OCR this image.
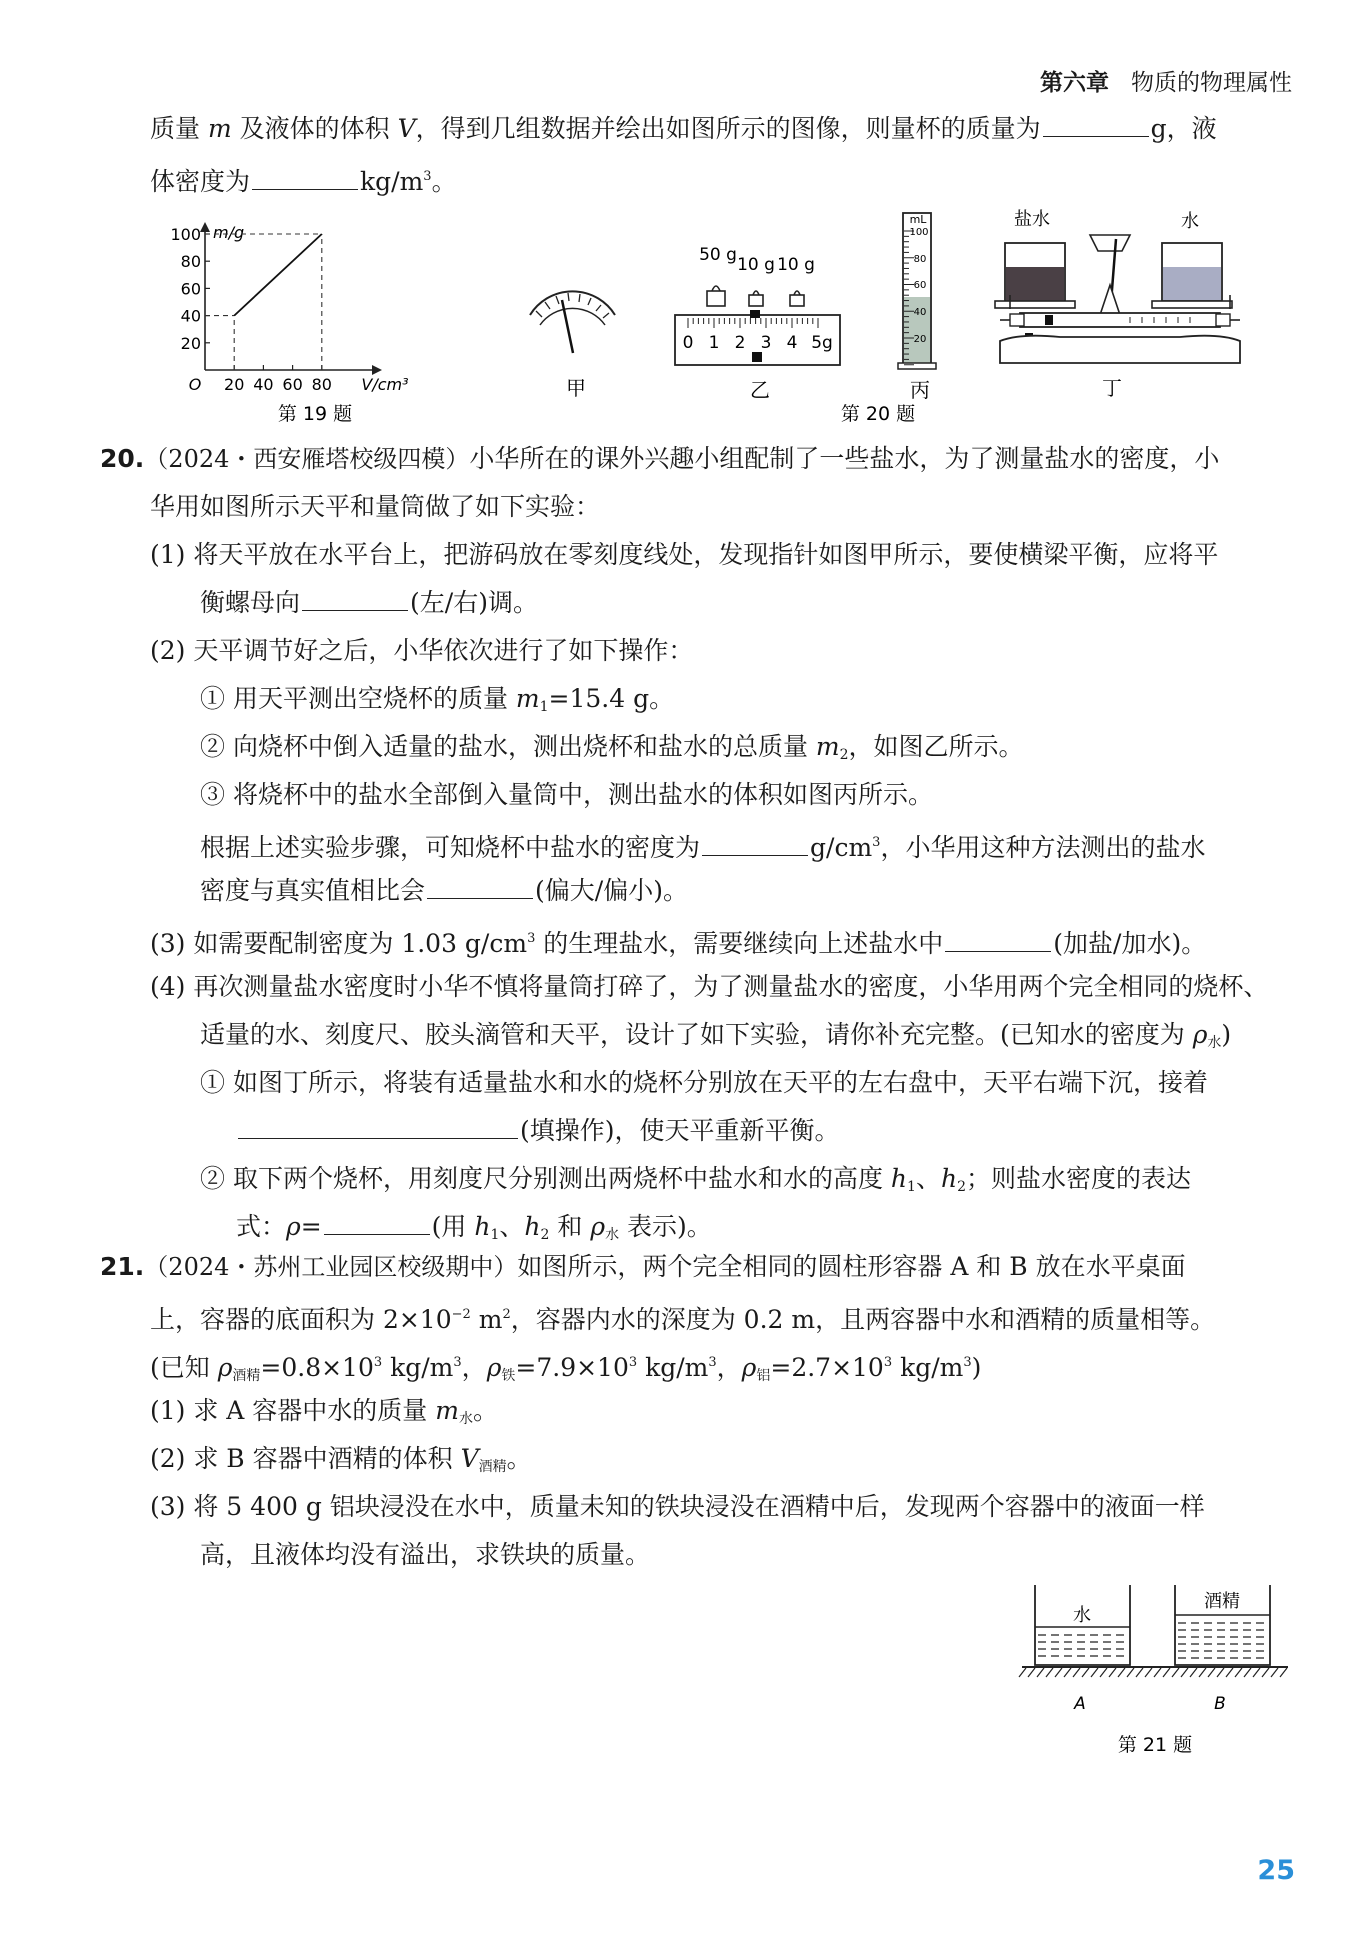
第六章 物质的物理属性
质量 m 及液体的体积 V，得到几组数据并绘出如图所示的图像，则量杯的质量为	g，液
体密度为	$kg/m^3$。
20
40
60
80
100
20 40 60 80
O
m/g
V/cm³
第 19 题
甲
50 g 10 g 10 g
0 1 2 3 4 5g
乙
mL
100
80
60
40
20
丙
盐水	水
丁
第 20 题
20.（2024・西安雁塔校级四模）小华所在的课外兴趣小组配制了一些盐水，为了测量盐水的密度，小
华用如图所示天平和量筒做了如下实验：
(1) 将天平放在水平台上，把游码放在零刻度线处，发现指针如图甲所示，要使横梁平衡，应将平
衡螺母向	(左/右)调。
(2) 天平调节好之后，小华依次进行了如下操作：
① 用天平测出空烧杯的质量 $m_1=15.4$ g。
② 向烧杯中倒入适量的盐水，测出烧杯和盐水的总质量 $m_2$，如图乙所示。
③ 将烧杯中的盐水全部倒入量筒中，测出盐水的体积如图丙所示。
根据上述实验步骤，可知烧杯中盐水的密度为	$g/cm^3$，小华用这种方法测出的盐水
密度与真实值相比会	(偏大/偏小)。
(3) 如需要配制密度为 1.03 $g/cm^3$ 的生理盐水，需要继续向上述盐水中	(加盐/加水)。
(4) 再次测量盐水密度时小华不慎将量筒打碎了，为了测量盐水的密度，小华用两个完全相同的烧杯、
适量的水、刻度尺、胶头滴管和天平，设计了如下实验，请你补充完整。(已知水的密度为 $\rho_水$)
① 如图丁所示，将装有适量盐水和水的烧杯分别放在天平的左右盘中，天平右端下沉，接着
(填操作)，使天平重新平衡。
② 取下两个烧杯，用刻度尺分别测出两烧杯中盐水和水的高度 $h_1$、$h_2$；则盐水密度的表达
式：ρ=	(用 $h_1$、$h_2$ 和 $\rho_水$ 表示)。
21.（2024・苏州工业园区校级期中）如图所示，两个完全相同的圆柱形容器 A 和 B 放在水平桌面
上，容器的底面积为 $2\times 10^{-2}$ $m^2$，容器内水的深度为 0.2 m，且两容器中水和酒精的质量相等。
(已知 $\rho_{酒精}=0.8\times 10^3$ $kg/m^3$，$\rho_铁=7.9\times 10^3$ $kg/m^3$，$\rho_铝=2.7\times 10^3$ $kg/m^3$)
(1) 求 A 容器中水的质量 $m_水$。
(2) 求 B 容器中酒精的体积 $V_{酒精}$。
(3) 将 5 400 g 铝块浸没在水中，质量未知的铁块浸没在酒精中后，发现两个容器中的液面一样
高，且液体均没有溢出，求铁块的质量。
水
酒精
A	B
第 21 题
25
